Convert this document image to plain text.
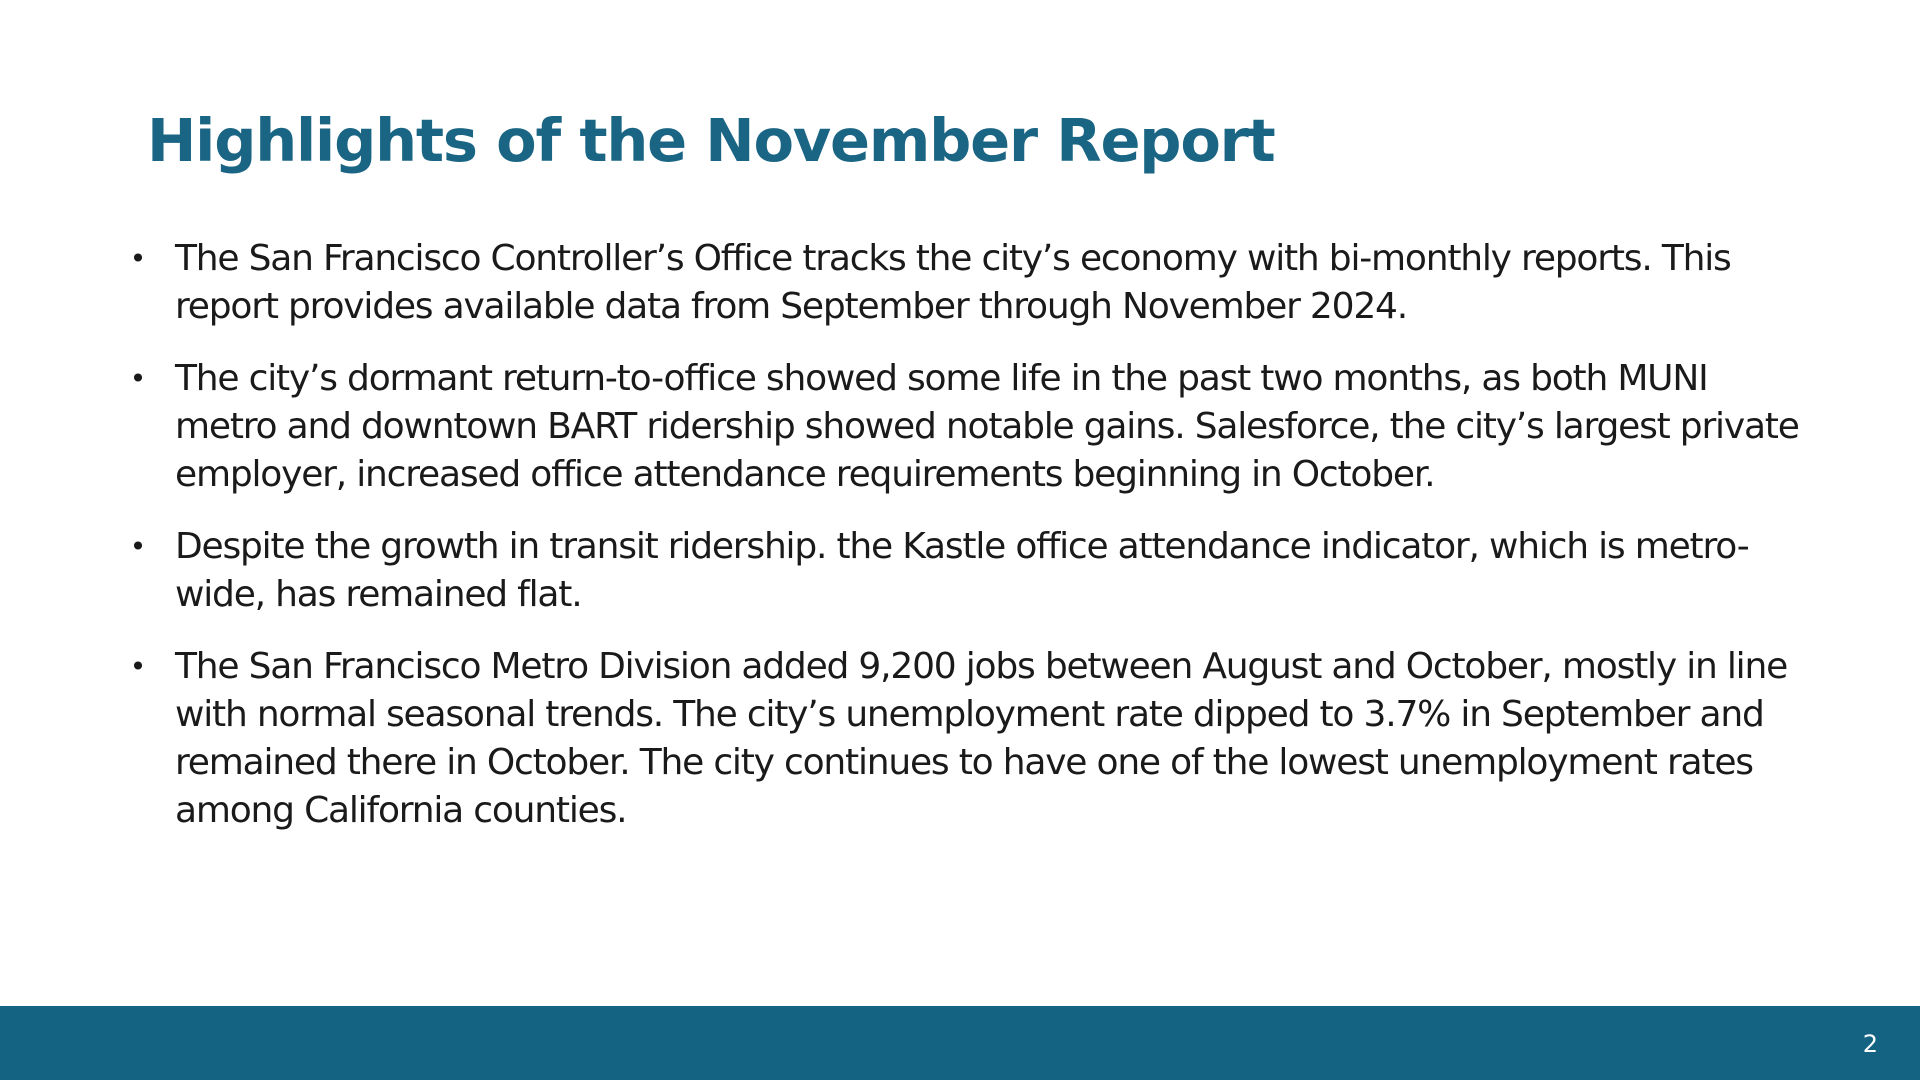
Highlights of the November Report
• The San Francisco Controller’s Office tracks the city’s economy with bi-monthly reports. This report provides available data from September through November 2024.
• The city’s dormant return-to-office showed some life in the past two months, as both MUNI metro and downtown BART ridership showed notable gains. Salesforce, the city’s largest private employer, increased office attendance requirements beginning in October.
• Despite the growth in transit ridership. the Kastle office attendance indicator, which is metro-wide, has remained flat.
• The San Francisco Metro Division added 9,200 jobs between August and October, mostly in line with normal seasonal trends. The city’s unemployment rate dipped to 3.7% in September and remained there in October. The city continues to have one of the lowest unemployment rates among California counties.
2
